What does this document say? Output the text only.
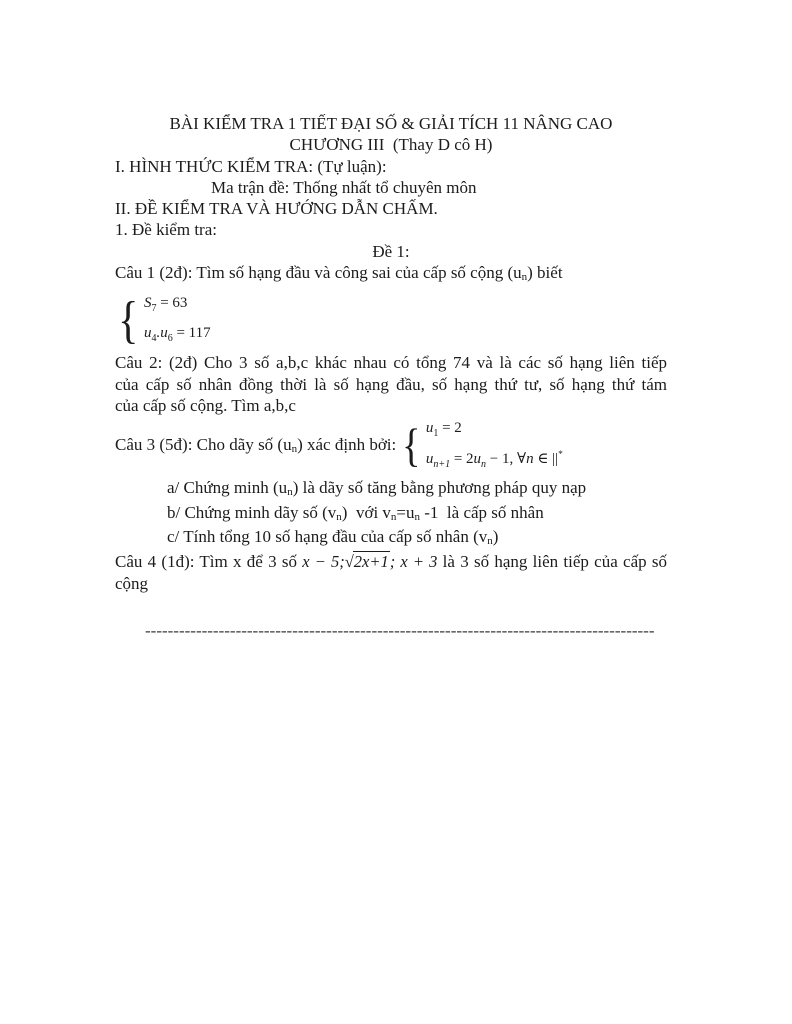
BÀI KIỂM TRA 1 TIẾT ĐẠI SỐ & GIẢI TÍCH 11 NÂNG CAO
CHƯƠNG III  (Thay D cô H)
I. HÌNH THỨC KIỂM TRA: (Tự luận):
Ma trận đề: Thống nhất tổ chuyên môn
II. ĐỀ KIỂM TRA VÀ HƯỚNG DẪN CHẤM.
1. Đề kiểm tra:
Đề 1:
Câu 1 (2đ): Tìm số hạng đầu và công sai của cấp số cộng (un) biết
{ $S_7 = 63$
$u_4.u_6 = 117$
Câu 2: (2đ) Cho 3 số a,b,c khác nhau có tổng 74 và là các số hạng liên tiếp
của cấp số nhân đồng thời là số hạng đầu, số hạng thứ tư, số hạng thứ tám
của cấp số cộng. Tìm a,b,c
Câu 3 (5đ): Cho dãy số (un) xác định bởi: { $u_1 = 2$
$u_{n+1} = 2u_n - 1$, ∀n ∈ ||*
a/ Chứng minh (un) là dãy số tăng bằng phương pháp quy nạp
b/ Chứng minh dãy số (vn)  với vn=un -1  là cấp số nhân
c/ Tính tổng 10 số hạng đầu của cấp số nhân (vn)
Câu 4 (1đ): Tìm x để 3 số x − 5;√2x+1; x + 3 là 3 số hạng liên tiếp của cấp số
cộng
------------------------------------------------------------------------------------------
